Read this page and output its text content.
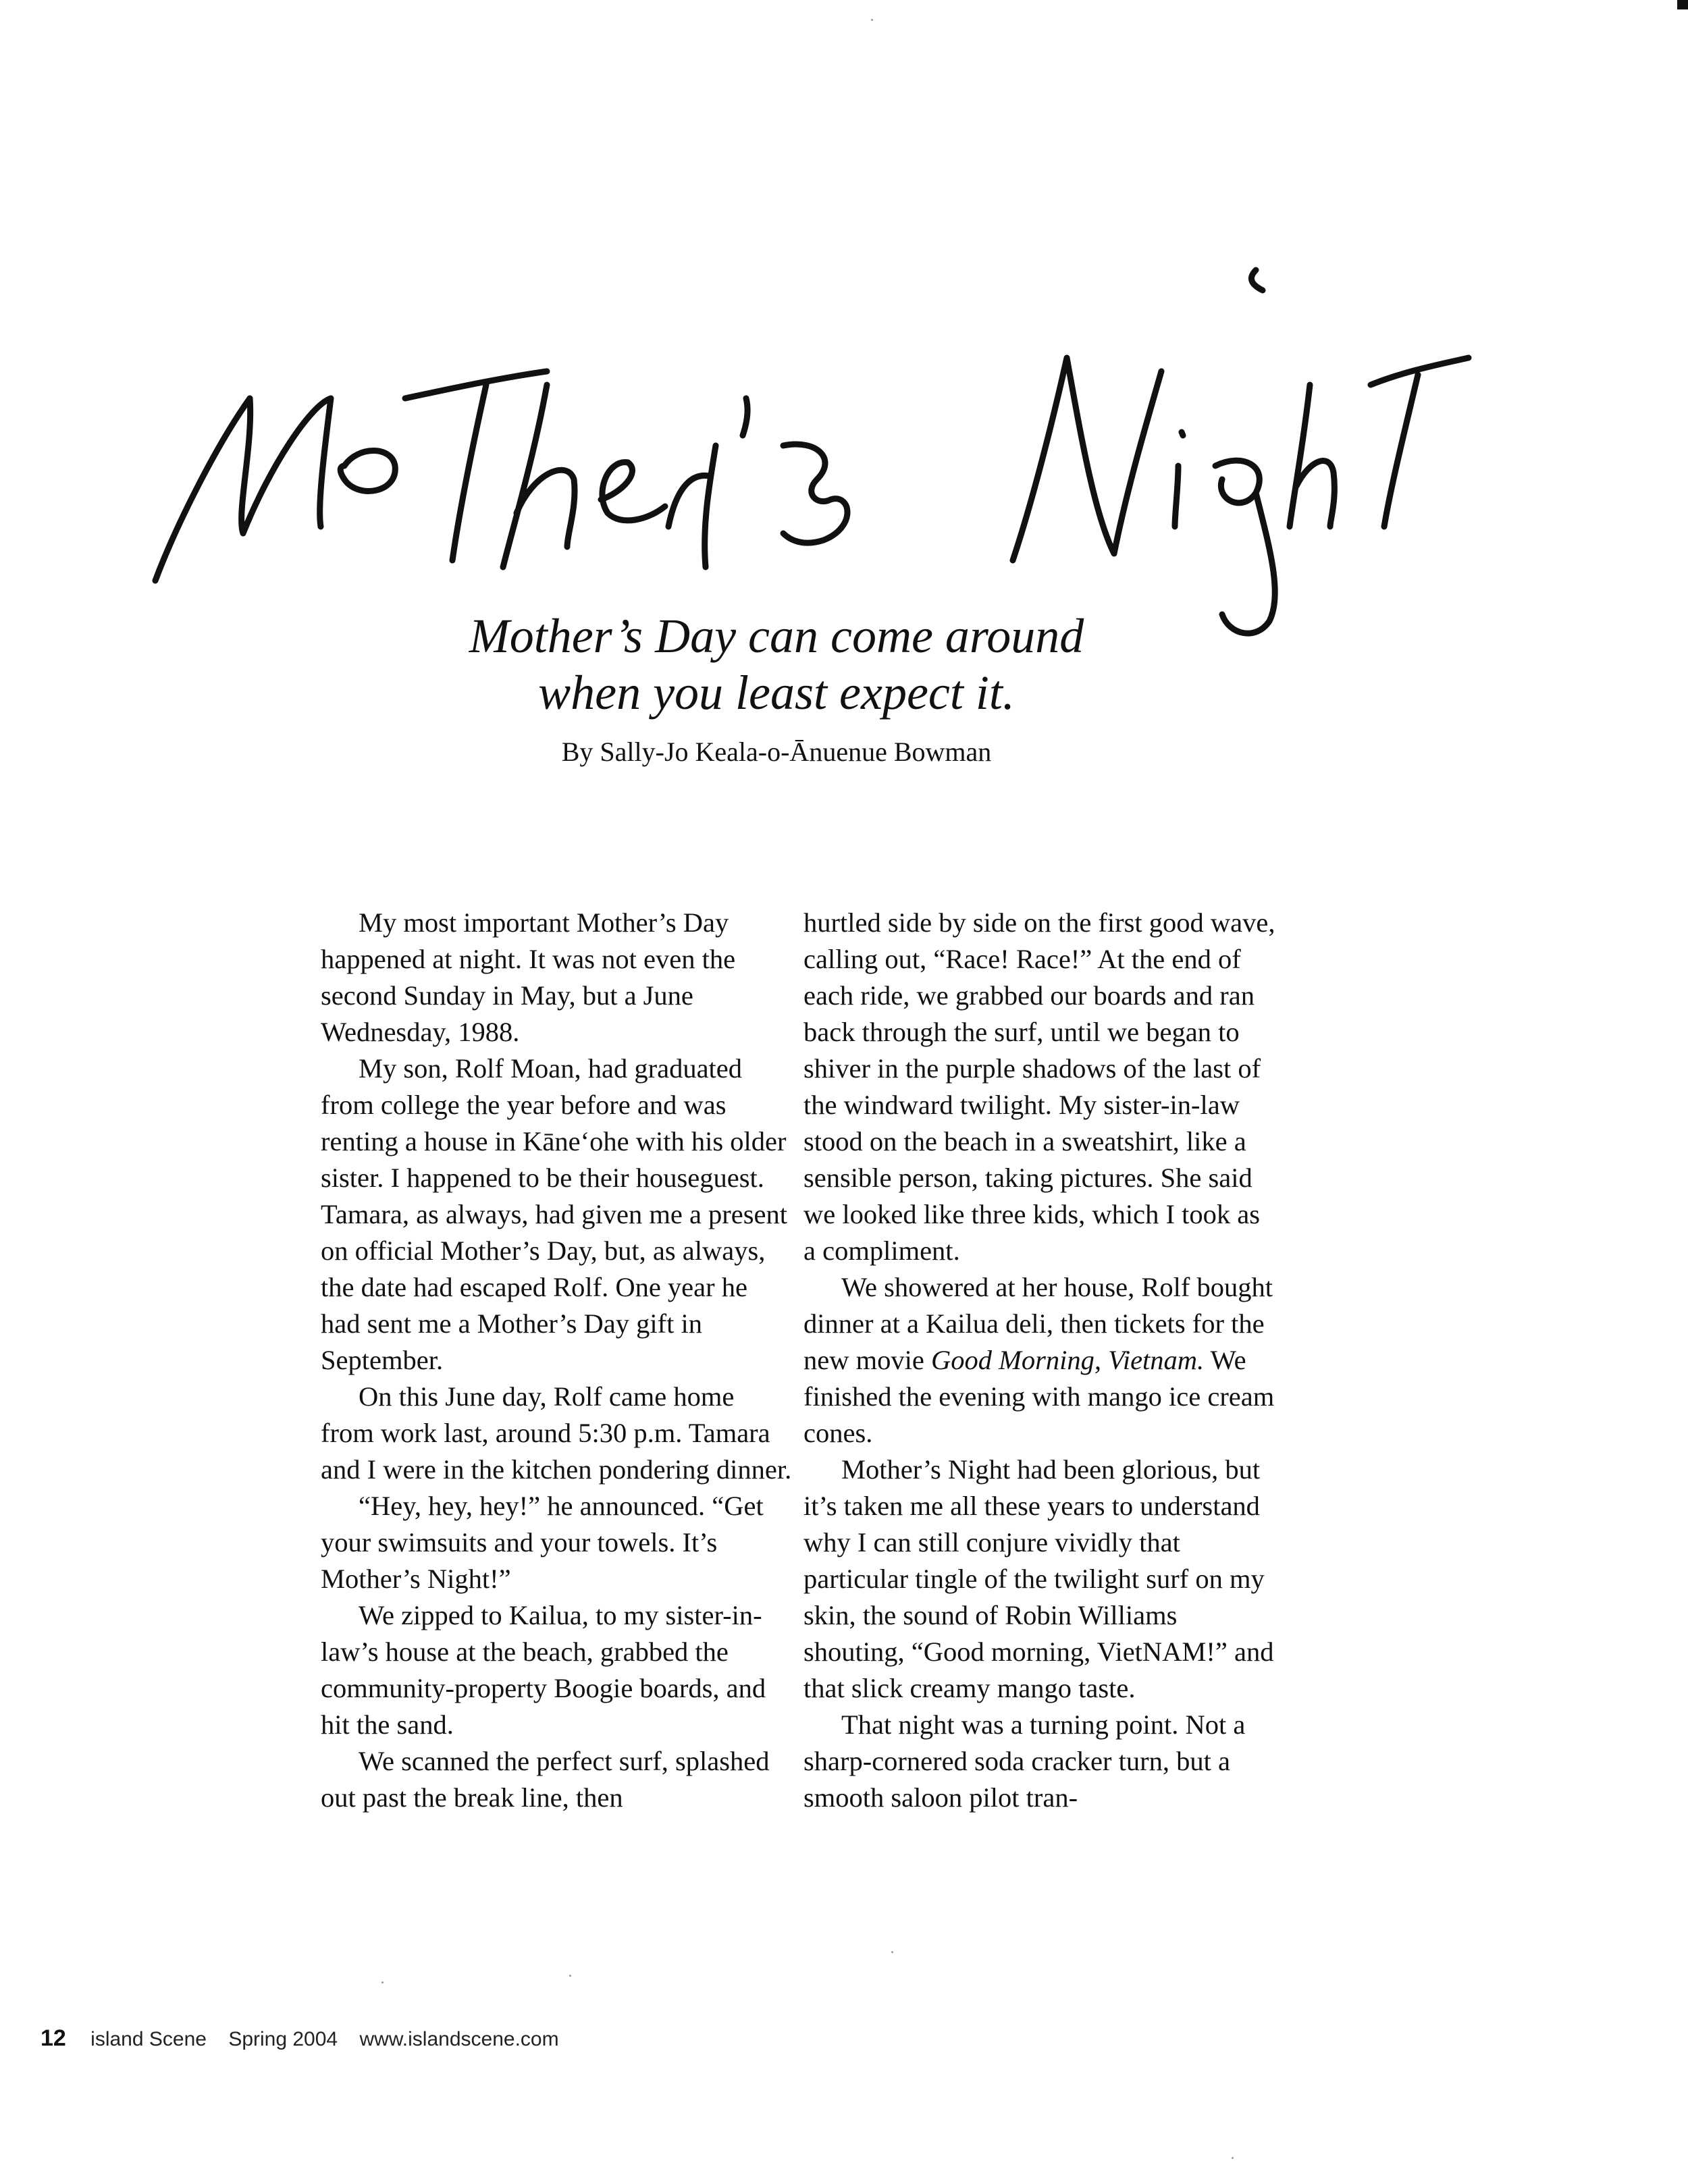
Mother’s Day can come around
when you least expect it.
By Sally-Jo Keala-o-Ānuenue Bowman

My most important Mother’s Day happened at night. It was not even the second Sunday in May, but a June Wednesday, 1988.

My son, Rolf Moan, had graduated from college the year before and was renting a house in Kāne‘ohe with his older sister. I happened to be their houseguest. Tamara, as always, had given me a present on official Mother’s Day, but, as always, the date had escaped Rolf. One year he had sent me a Mother’s Day gift in September.

On this June day, Rolf came home from work last, around 5:30 p.m. Tamara and I were in the kitchen pondering dinner.

“Hey, hey, hey!” he announced. “Get your swimsuits and your towels. It’s Mother’s Night!”

We zipped to Kailua, to my sister-in-law’s house at the beach, grabbed the community-property Boogie boards, and hit the sand.

We scanned the perfect surf, splashed out past the break line, then

hurtled side by side on the first good wave, calling out, “Race! Race!” At the end of each ride, we grabbed our boards and ran back through the surf, until we began to shiver in the purple shadows of the last of the windward twilight. My sister-in-law stood on the beach in a sweatshirt, like a sensible person, taking pictures. She said we looked like three kids, which I took as a compliment.

We showered at her house, Rolf bought dinner at a Kailua deli, then tickets for the new movie Good Morning, Vietnam. We finished the evening with mango ice cream cones.

Mother’s Night had been glorious, but it’s taken me all these years to understand why I can still conjure vividly that particular tingle of the twilight surf on my skin, the sound of Robin Williams shouting, “Good morning, VietNAM!” and that slick creamy mango taste.

That night was a turning point. Not a sharp-cornered soda cracker turn, but a smooth saloon pilot tran-

12 island Scene Spring 2004 www.islandscene.com
